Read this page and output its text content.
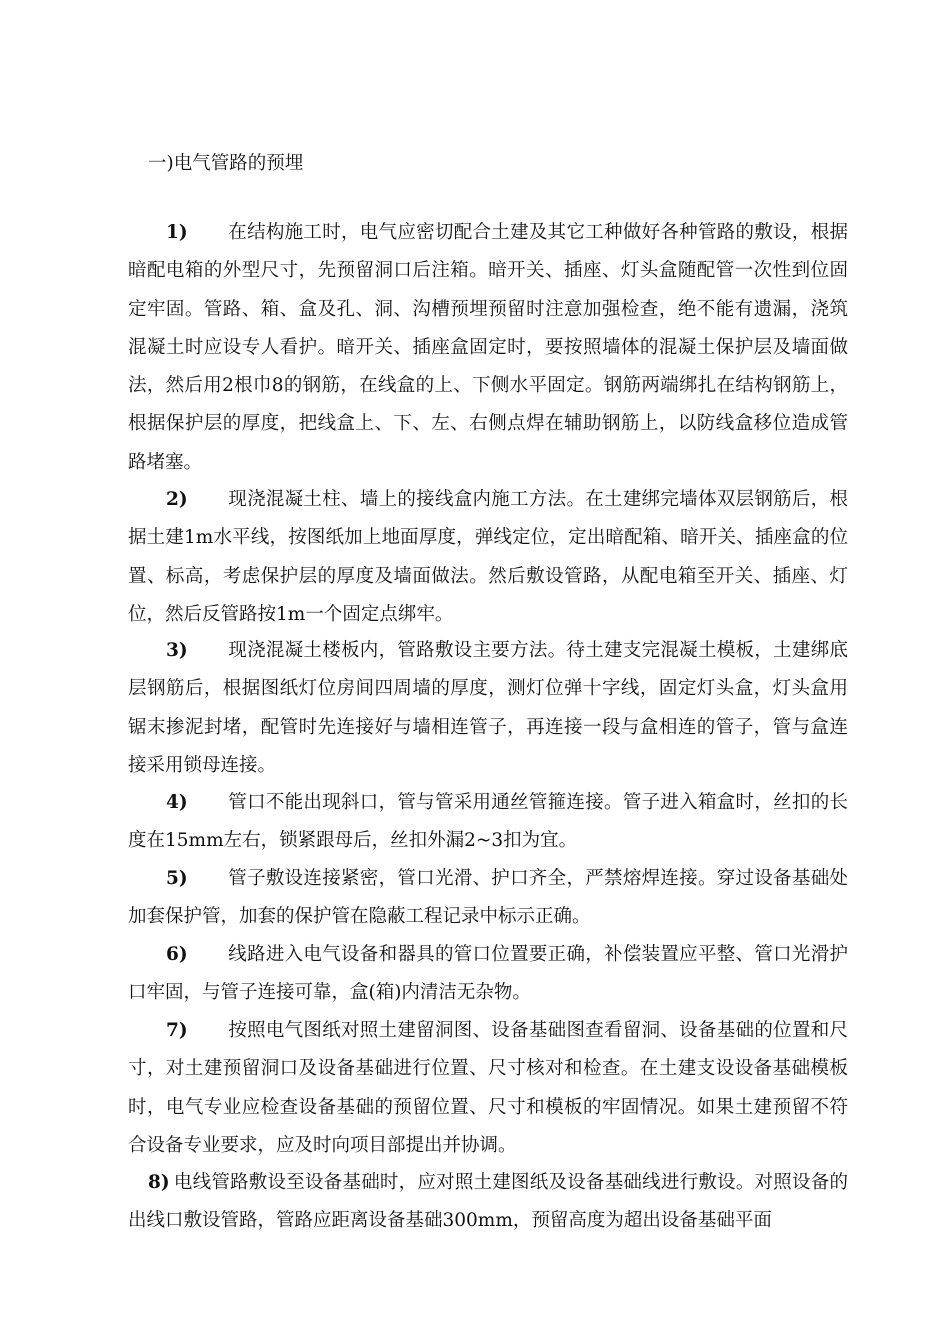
一)电气管路的预埋
1) 在结构施工时，电气应密切配合土建及其它工种做好各种管路的敷设，根据暗配电箱的外型尺寸，先预留洞口后注箱。暗开关、插座、灯头盒随配管一次性到位固定牢固。管路、箱、盒及孔、洞、沟槽预埋预留时注意加强检查，绝不能有遗漏，浇筑混凝土时应设专人看护。暗开关、插座盒固定时，要按照墙体的混凝土保护层及墙面做法，然后用2根巾8的钢筋，在线盒的上、下侧水平固定。钢筋两端绑扎在结构钢筋上，根据保护层的厚度，把线盒上、下、左、右侧点焊在辅助钢筋上，以防线盒移位造成管路堵塞。
2) 现浇混凝土柱、墙上的接线盒内施工方法。在土建绑完墙体双层钢筋后，根据土建1m水平线，按图纸加上地面厚度，弹线定位，定出暗配箱、暗开关、插座盒的位置、标高，考虑保护层的厚度及墙面做法。然后敷设管路，从配电箱至开关、插座、灯位，然后反管路按1m一个固定点绑牢。
3) 现浇混凝土楼板内，管路敷设主要方法。待土建支完混凝土模板，土建绑底层钢筋后，根据图纸灯位房间四周墙的厚度，测灯位弹十字线，固定灯头盒，灯头盒用锯末掺泥封堵，配管时先连接好与墙相连管子，再连接一段与盒相连的管子，管与盒连接采用锁母连接。
4) 管口不能出现斜口，管与管采用通丝管箍连接。管子进入箱盒时，丝扣的长度在15mm左右，锁紧跟母后，丝扣外漏2~3扣为宜。
5) 管子敷设连接紧密，管口光滑、护口齐全，严禁熔焊连接。穿过设备基础处加套保护管，加套的保护管在隐蔽工程记录中标示正确。
6) 线路进入电气设备和器具的管口位置要正确，补偿装置应平整、管口光滑护口牢固，与管子连接可靠，盒(箱)内清洁无杂物。
7) 按照电气图纸对照土建留洞图、设备基础图查看留洞、设备基础的位置和尺寸，对土建预留洞口及设备基础进行位置、尺寸核对和检查。在土建支设设备基础模板时，电气专业应检查设备基础的预留位置、尺寸和模板的牢固情况。如果土建预留不符合设备专业要求，应及时向项目部提出并协调。
8) 电线管路敷设至设备基础时，应对照土建图纸及设备基础线进行敷设。对照设备的出线口敷设管路，管路应距离设备基础300mm，预留高度为超出设备基础平面
